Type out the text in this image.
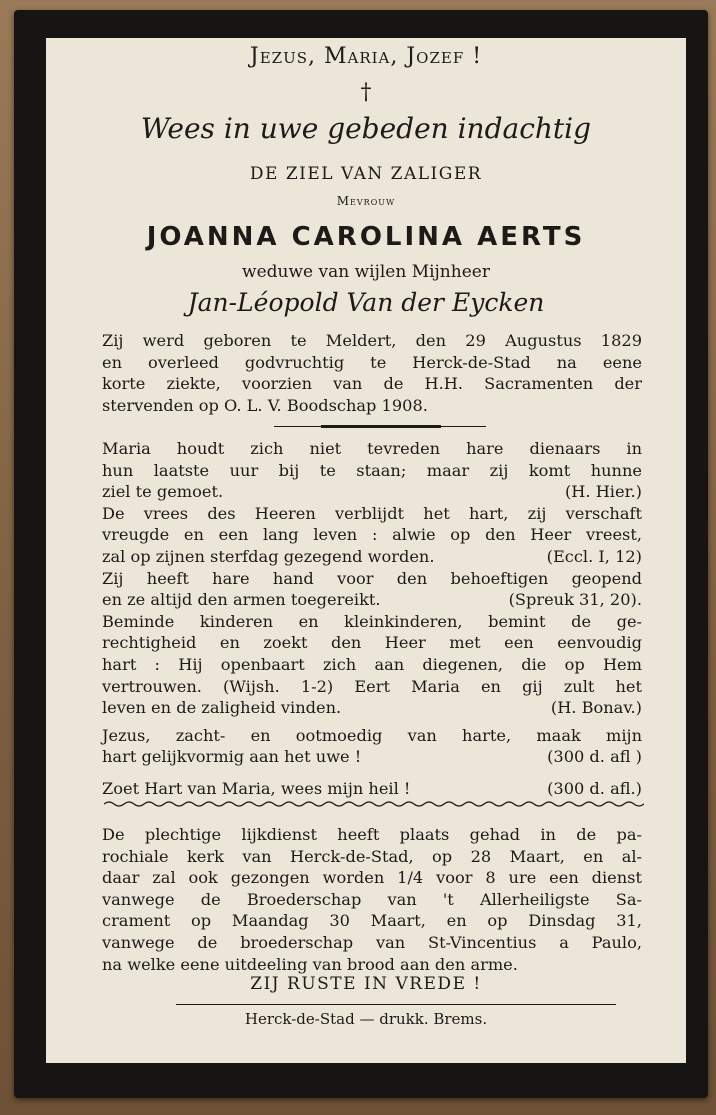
Jezus, Maria, Jozef !
†
Wees in uwe gebeden indachtig
DE ZIEL VAN ZALIGER
Mevrouw
JOANNA CAROLINA AERTS
weduwe van wijlen Mijnheer
Jan-Léopold Van der Eycken
Zij werd geboren te Meldert, den 29 Augustus 1829
en overleed godvruchtig te Herck-de-Stad na eene
korte ziekte, voorzien van de H.H. Sacramenten der
stervenden op O. L. V. Boodschap 1908.
Maria houdt zich niet tevreden hare dienaars in
hun laatste uur bij te staan; maar zij komt hunne
ziel te gemoet.	(H. Hier.)
De vrees des Heeren verblijdt het hart, zij verschaft
vreugde en een lang leven : alwie op den Heer vreest,
zal op zijnen sterfdag gezegend worden.	(Eccl. I, 12)
Zij heeft hare hand voor den behoeftigen geopend
en ze altijd den armen toegereikt.	(Spreuk 31, 20).
Beminde kinderen en kleinkinderen, bemint de ge-
rechtigheid en zoekt den Heer met een eenvoudig
hart : Hij openbaart zich aan diegenen, die op Hem
vertrouwen. (Wijsh. 1-2) Eert Maria en gij zult het
leven en de zaligheid vinden.	(H. Bonav.)
Jezus, zacht- en ootmoedig van harte, maak mijn
hart gelijkvormig aan het uwe !	(300 d. afl )
Zoet Hart van Maria, wees mijn heil !	(300 d. afl.)
De plechtige lijkdienst heeft plaats gehad in de pa-
rochiale kerk van Herck-de-Stad, op 28 Maart, en al-
daar zal ook gezongen worden 1/4 voor 8 ure een dienst
vanwege de Broederschap van 't Allerheiligste Sa-
crament op Maandag 30 Maart, en op Dinsdag 31,
vanwege de broederschap van St-Vincentius a Paulo,
na welke eene uitdeeling van brood aan den arme.
ZIJ RUSTE IN VREDE !
Herck-de-Stad — drukk. Brems.
